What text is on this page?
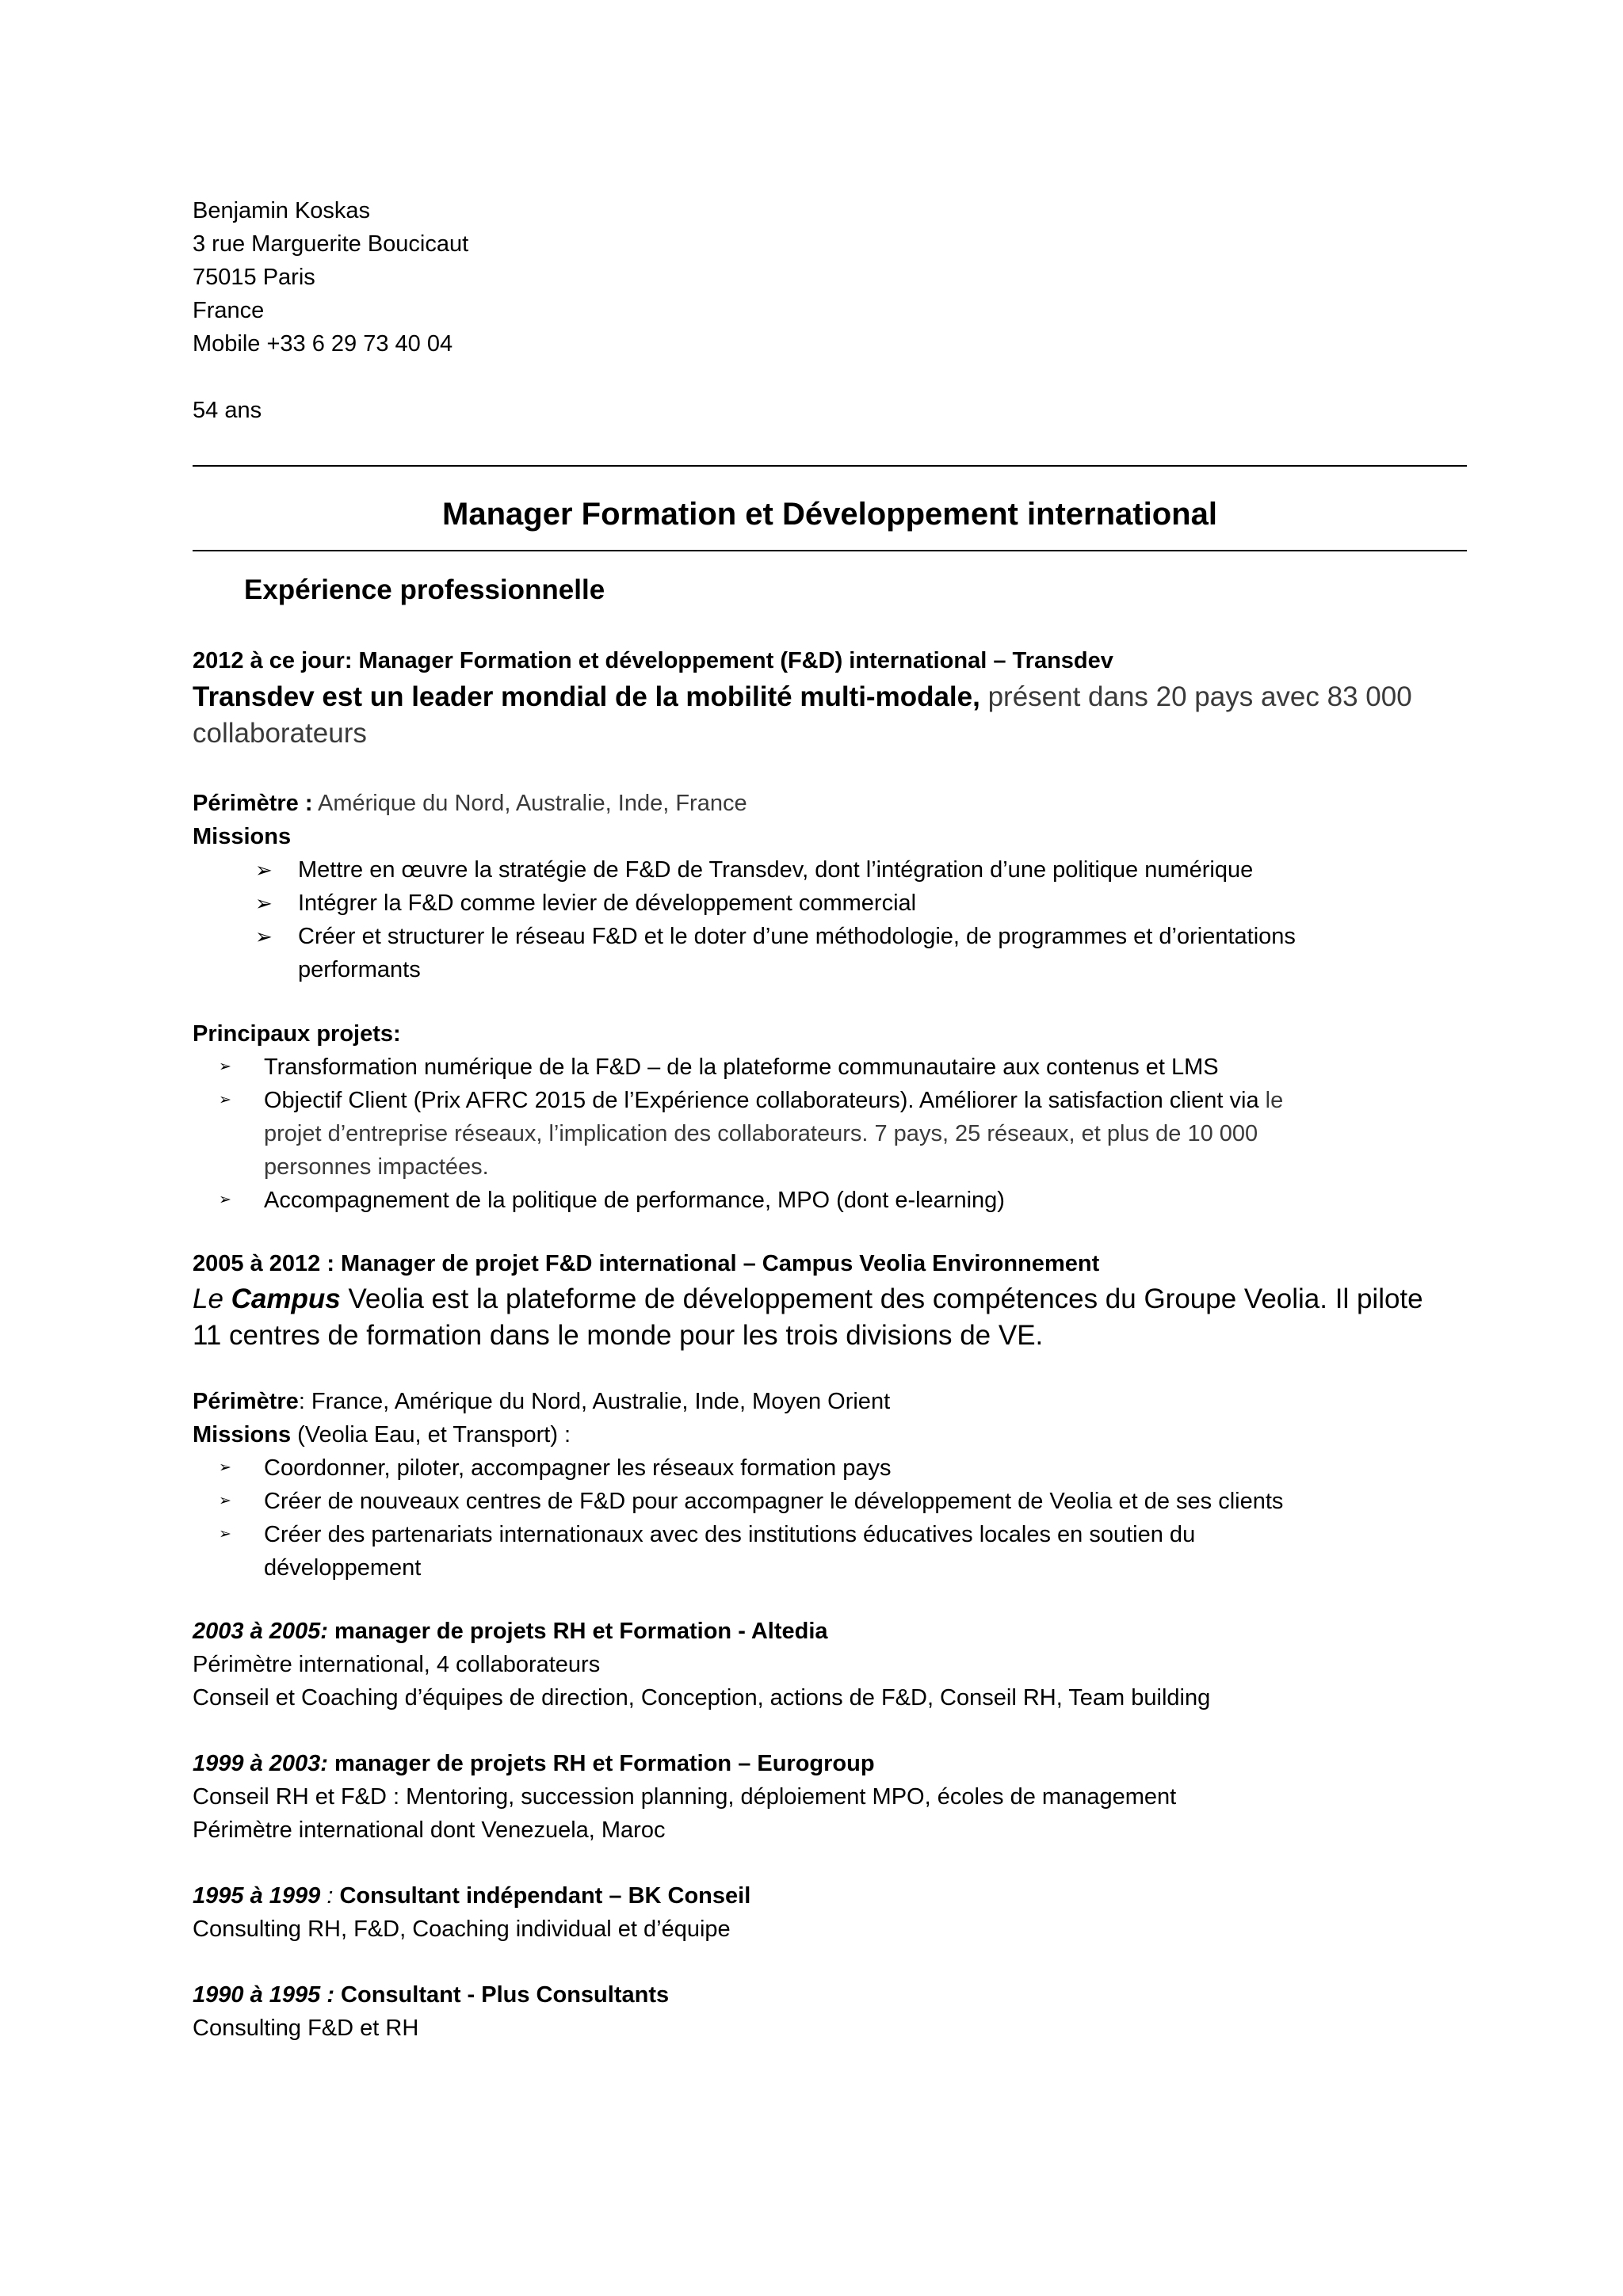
Benjamin Koskas
3 rue Marguerite Boucicaut
75015 Paris
France
Mobile +33 6 29 73 40 04
54 ans
Manager Formation et Développement international
Expérience professionnelle
2012 à ce jour: Manager Formation et développement (F&D) international – Transdev
Transdev est un leader mondial de la mobilité multi-modale, présent dans 20 pays avec 83 000
collaborateurs
Périmètre : Amérique du Nord, Australie, Inde, France
Missions
➢ Mettre en œuvre la stratégie de F&D de Transdev, dont l’intégration d’une politique numérique
➢ Intégrer la F&D comme levier de développement commercial
➢ Créer et structurer le réseau F&D et le doter d’une méthodologie, de programmes et d’orientations
performants
Principaux projets:
➢ Transformation numérique de la F&D – de la plateforme communautaire aux contenus et LMS
➢ Objectif Client (Prix AFRC 2015 de l’Expérience collaborateurs). Améliorer la satisfaction client via le
projet d’entreprise réseaux, l’implication des collaborateurs. 7 pays, 25 réseaux, et plus de 10 000
personnes impactées.
➢ Accompagnement de la politique de performance, MPO (dont e-learning)
2005 à 2012 : Manager de projet F&D international – Campus Veolia Environnement
Le Campus Veolia est la plateforme de développement des compétences du Groupe Veolia. Il pilote
11 centres de formation dans le monde pour les trois divisions de VE.
Périmètre: France, Amérique du Nord, Australie, Inde, Moyen Orient
Missions (Veolia Eau, et Transport) :
➢ Coordonner, piloter, accompagner les réseaux formation pays
➢ Créer de nouveaux centres de F&D pour accompagner le développement de Veolia et de ses clients
➢ Créer des partenariats internationaux avec des institutions éducatives locales en soutien du
développement
2003 à 2005: manager de projets RH et Formation - Altedia
Périmètre international, 4 collaborateurs
Conseil et Coaching d’équipes de direction, Conception, actions de F&D, Conseil RH, Team building
1999 à 2003: manager de projets RH et Formation – Eurogroup
Conseil RH et F&D : Mentoring, succession planning, déploiement MPO, écoles de management
Périmètre international dont Venezuela, Maroc
1995 à 1999 : Consultant indépendant – BK Conseil
Consulting RH, F&D, Coaching individual et d’équipe
1990 à 1995 : Consultant - Plus Consultants
Consulting F&D et RH
